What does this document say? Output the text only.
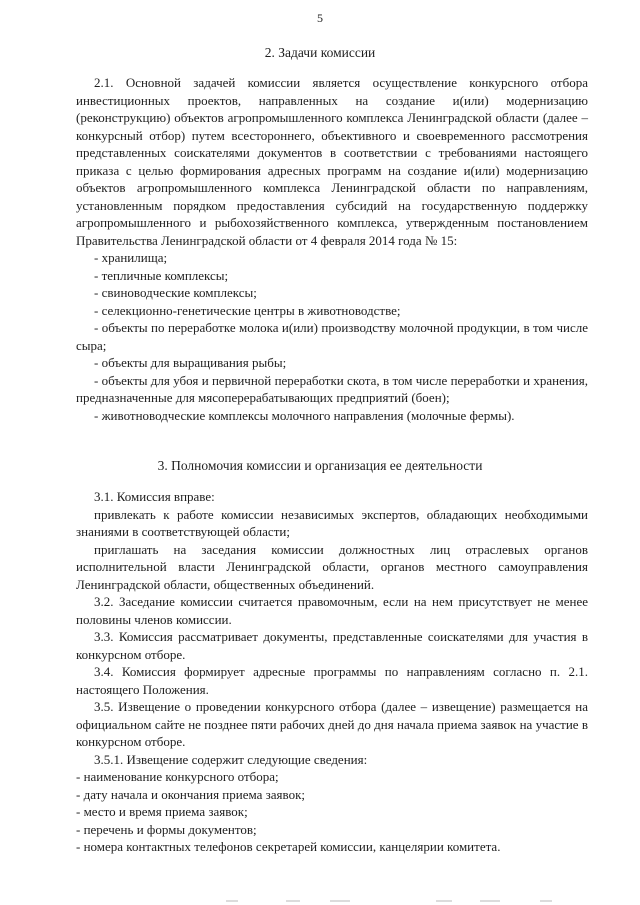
5
2. Задачи комиссии

2.1. Основной задачей комиссии является осуществление конкурсного отбора инвестиционных проектов, направленных на создание и(или) модернизацию (реконструкцию) объектов агропромышленного комплекса Ленинградской области (далее – конкурсный отбор) путем всестороннего, объективного и своевременного рассмотрения представленных соискателями документов в соответствии с требованиями настоящего приказа с целью формирования адресных программ на создание и(или) модернизацию объектов агропромышленного комплекса Ленинградской области по направлениям, установленным порядком предоставления субсидий на государственную поддержку агропромышленного и рыбохозяйственного комплекса, утвержденным постановлением Правительства Ленинградской области от 4 февраля 2014 года № 15:

- хранилища;

- тепличные комплексы;

- свиноводческие комплексы;

- селекционно-генетические центры в животноводстве;

- объекты по переработке молока и(или) производству молочной продукции, в том числе сыра;

- объекты для выращивания рыбы;

- объекты для убоя и первичной переработки скота, в том числе переработки и хранения, предназначенные для мясоперерабатывающих предприятий (боен);

- животноводческие комплексы молочного направления (молочные фермы).

3. Полномочия комиссии и организация ее деятельности

3.1. Комиссия вправе:

привлекать к работе комиссии независимых экспертов, обладающих необходимыми знаниями в соответствующей области;

приглашать на заседания комиссии должностных лиц отраслевых органов исполнительной власти Ленинградской области, органов местного самоуправления Ленинградской области, общественных объединений.

3.2. Заседание комиссии считается правомочным, если на нем присутствует не менее половины членов комиссии.

3.3. Комиссия рассматривает документы, представленные соискателями для участия в конкурсном отборе.

3.4. Комиссия формирует адресные программы по направлениям согласно п. 2.1. настоящего Положения.

3.5. Извещение о проведении конкурсного отбора (далее – извещение) размещается на официальном сайте не позднее пяти рабочих дней до дня начала приема заявок на участие в конкурсном отборе.

3.5.1. Извещение содержит следующие сведения:

- наименование конкурсного отбора;

- дату начала и окончания приема заявок;

- место и время приема заявок;

- перечень и формы документов;

- номера контактных телефонов секретарей комиссии, канцелярии комитета.
